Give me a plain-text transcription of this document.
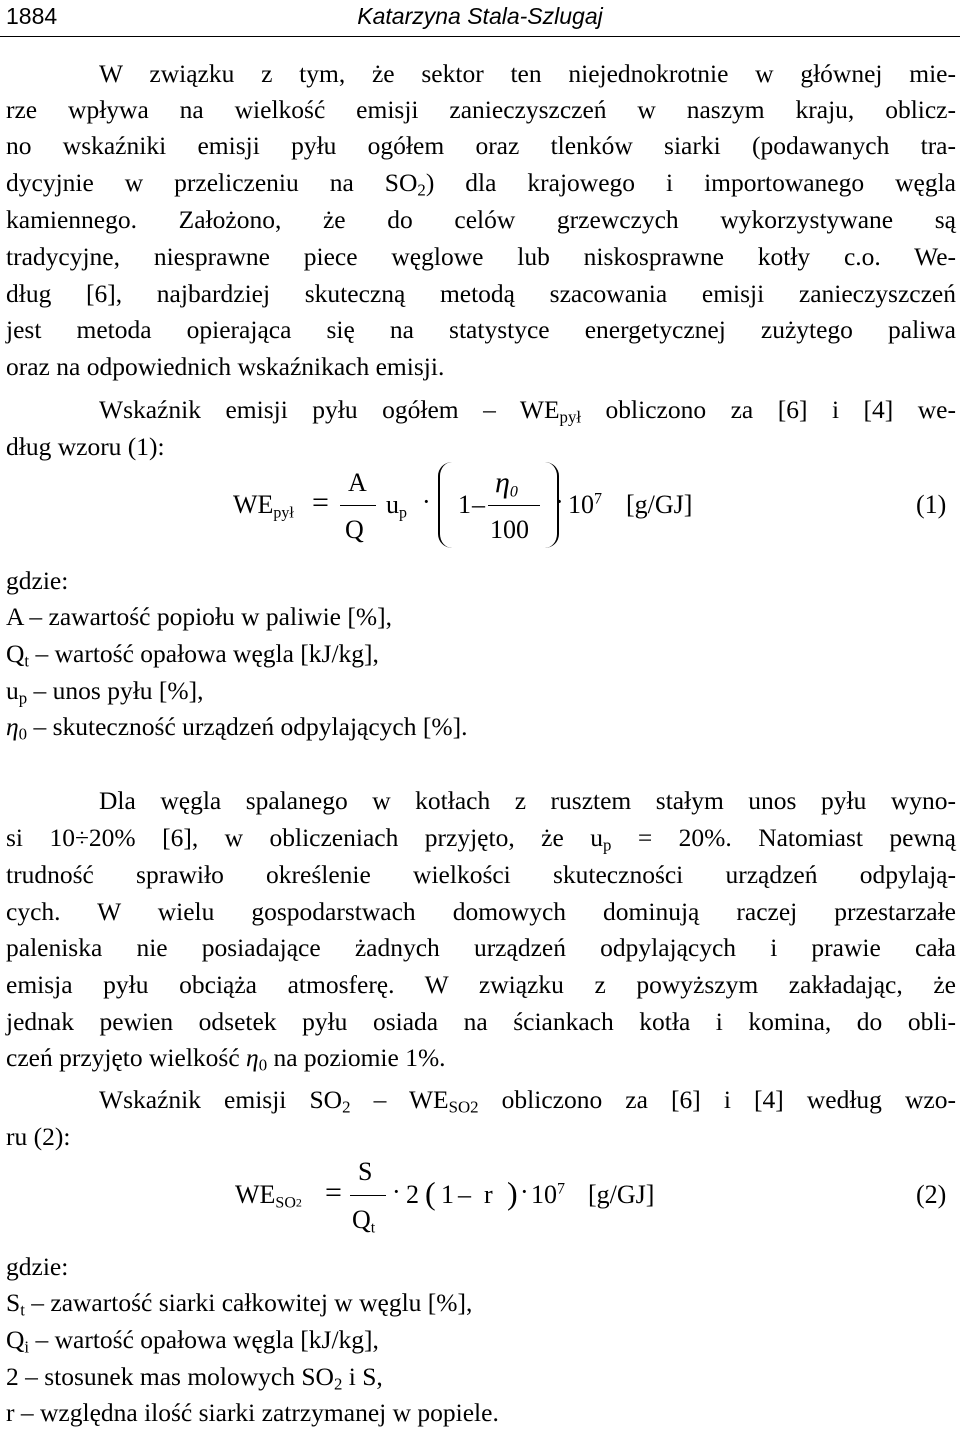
1884	Katarzyna Stala-Szlugaj
W związku z tym, że sektor ten niejednokrotnie w głównej mie-
rze wpływa na wielkość emisji zanieczyszczeń w naszym kraju, oblicz-
no wskaźniki emisji pyłu ogółem oraz tlenków siarki (podawanych tra-
dycyjnie w przeliczeniu na $SO_2$) dla krajowego i importowanego węgla
kamiennego. Założono, że do celów grzewczych wykorzystywane są
tradycyjne, niesprawne piece węglowe lub niskosprawne kotły c.o. We-
dług [6], najbardziej skuteczną metodą szacowania emisji zanieczyszczeń
jest metoda opierająca się na statystyce energetycznej zużytego paliwa
oraz na odpowiednich wskaźnikach emisji.
Wskaźnik emisji pyłu ogółem – $WE_{pył}$ obliczono za [6] i [4] we-
dług wzoru (1):
$WE_{pył}$ =
A
Q
$u_p \cdot 1$ –
$\eta_0$
100
· $10^7$ [g/GJ]	(1)
gdzie:
A – zawartość popiołu w paliwie [%],
$Q_t$ – wartość opałowa węgla [kJ/kg],
$u_p$ – unos pyłu [%],
$\eta_0$ – skuteczność urządzeń odpylających [%].
Dla węgla spalanego w kotłach z rusztem stałym unos pyłu wyno-
si 10÷20% [6], w obliczeniach przyjęto, że $u_p = 20\%$. Natomiast pewną
trudność sprawiło określenie wielkości skuteczności urządzeń odpylają-
cych. W wielu gospodarstwach domowych dominują raczej przestarzałe
paleniska nie posiadające żadnych urządzeń odpylających i prawie cała
emisja pyłu obciąża atmosferę. W związku z powyższym zakładając, że
jednak pewien odsetek pyłu osiada na ściankach kotła i komina, do obli-
czeń przyjęto wielkość $\eta_0$ na poziomie 1%.
Wskaźnik emisji $SO_2 - WE_{SO2}$ obliczono za [6] i [4] według wzo-
ru (2):
$WE_{SO2}$ =
S
$Q_t$
· 2 ( 1 – r ) · $10^7$ [g/GJ]	(2)
gdzie:
$S_t$ – zawartość siarki całkowitej w węglu [%],
$Q_i$ – wartość opałowa węgla [kJ/kg],
2 – stosunek mas molowych $SO_2$ i S,
r – względna ilość siarki zatrzymanej w popiele.
